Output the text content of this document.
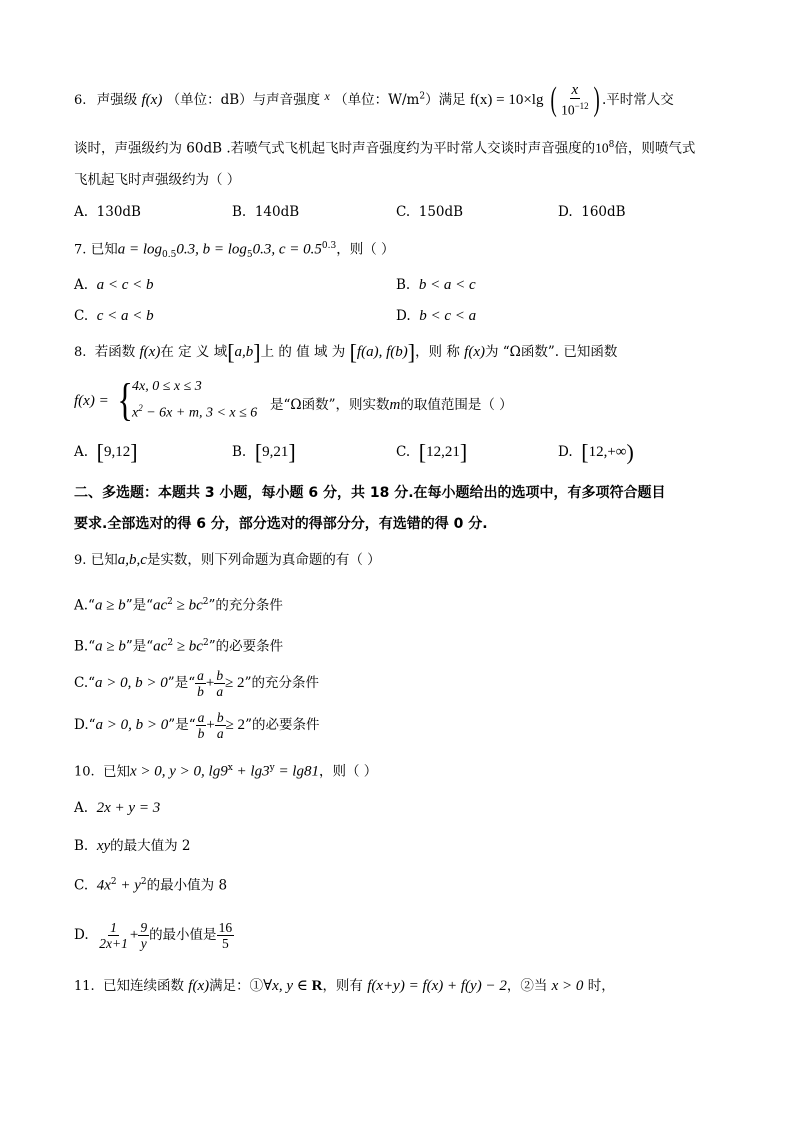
6. 声强级 f(x) （单位：dB）与声音强度 x （单位：$W/m^2$）满足 f(x) = 10×lg ( $\frac{x}{10^{-12}}$ ) .平时常人交
谈时，声强级约为 60dB .若喷气式飞机起飞时声音强度约为平时常人交谈时声音强度的$10^8$倍，则喷气式
飞机起飞时声强级约为（ ）
A. 130dB	B. 140dB	C. 150dB	D. 160dB
7. 已知$a = \log_{0.5}0.3$, $b = \log_50.3$, $c = 0.5^{0.3}$，则（ ）
A. a < c < b	B. b < a < c
C. c < a < b	D. b < c < a
8. 若函数 f(x)在 定 义 域[a,b]上 的 值 域 为 [f(a), f(b)]，则 称 f(x)为 “Ω函数”. 已知函数
f(x) = { 4x, 0 ≤ x ≤ 3
$x^2 - 6x + m$, 3 < x ≤ 6
是“Ω函数”，则实数m的取值范围是（ ）
A. [9,12]	B. [9,21]	C. [12,21]	D. [12,+∞)
二、多选题：本题共 3 小题，每小题 6 分，共 18 分.在每小题给出的选项中，有多项符合题目
要求.全部选对的得 6 分，部分选对的得部分分，有选错的得 0 分.
9. 已知a,b,c是实数，则下列命题为真命题的有（ ）
A.“a ≥ b”是“$ac^2 \ge bc^2$”的充分条件
B.“a ≥ b”是“$ac^2 \ge bc^2$”的必要条件
C.“a > 0, b > 0”是“ $\frac{a}{b} + \frac{b}{a} \ge 2$”的充分条件
D.“a > 0, b > 0”是“ $\frac{a}{b} + \frac{b}{a} \ge 2$”的必要条件
10. 已知x > 0, y > 0, $\lg 9^x + \lg 3^y = \lg 81$，则（ ）
A. 2x + y = 3
B. xy的最大值为 2
C. $4x^2 + y^2$的最小值为 8
D. $\frac{1}{2x+1} + \frac{9}{y}$ 的最小值是 $\frac{16}{5}$
11. 已知连续函数 f(x)满足：①∀x, y ∈ R，则有 f(x+y) = f(x) + f(y) − 2，②当 x > 0 时，
